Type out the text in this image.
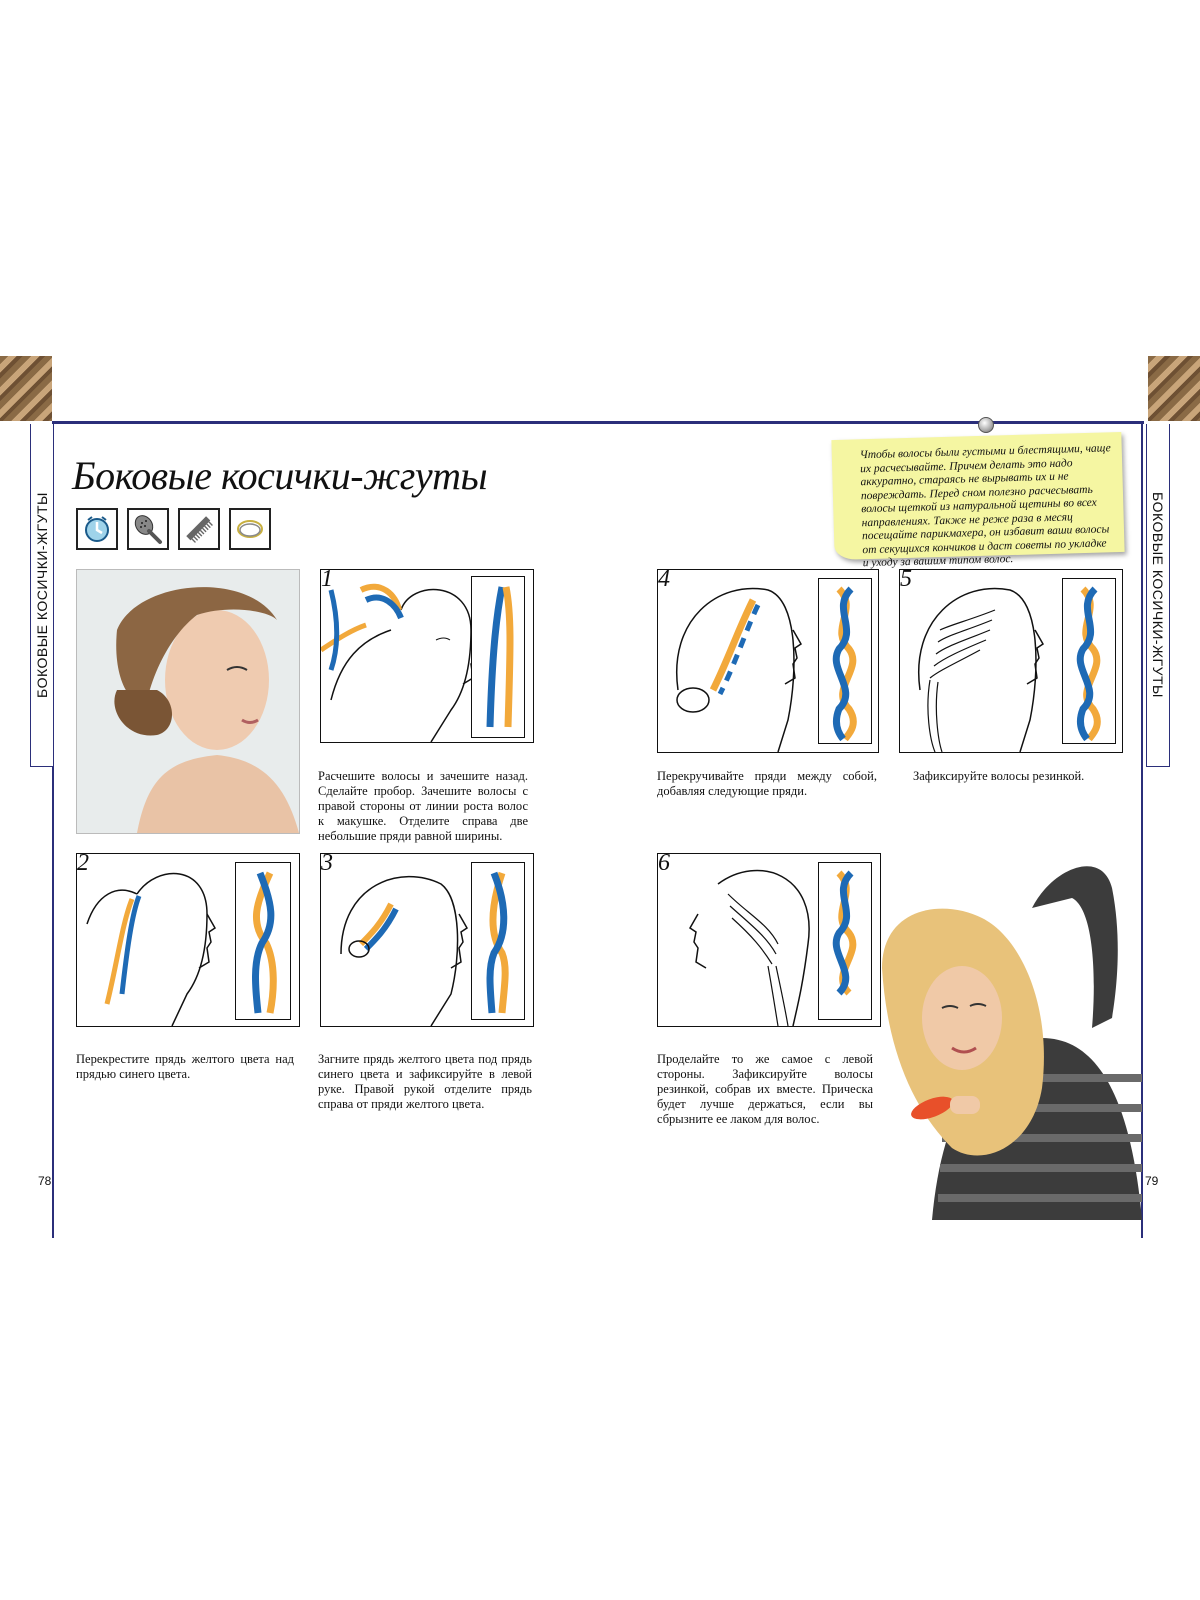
БОКОВЫЕ КОСИЧКИ-ЖГУТЫ	БОКОВЫЕ КОСИЧКИ-ЖГУТЫ
Боковые косички-жгуты
1
Расчешите волосы и зачешите назад. Сделайте пробор. Зачешите волосы с правой стороны от линии роста волос к макушке. Отделите справа две небольшие пряди равной ширины.
2
Перекрестите прядь желтого цвета над прядью синего цвета.
3
Загните прядь желтого цвета под прядь синего цвета и зафиксируйте в левой руке. Правой рукой отделите прядь справа от пряди желтого цвета.
4
Перекручивайте пряди между собой, добавляя следующие пряди.
5
Зафиксируйте волосы резинкой.
6
Проделайте то же самое с левой стороны. Зафиксируйте волосы резинкой, собрав их вместе. Прическа будет лучше держаться, если вы сбрызните ее лаком для волос.
Чтобы волосы были густыми и блестящими, чаще их расчесывайте. Причем делать это надо аккуратно, стараясь не вырывать их и не повреждать. Перед сном полезно расчесывать волосы щеткой из натуральной щетины во всех направлениях. Также не реже раза в месяц посещайте парикмахера, он избавит ваши волосы от секущихся кончиков и даст советы по укладке и уходу за вашим типом волос.
78	79
